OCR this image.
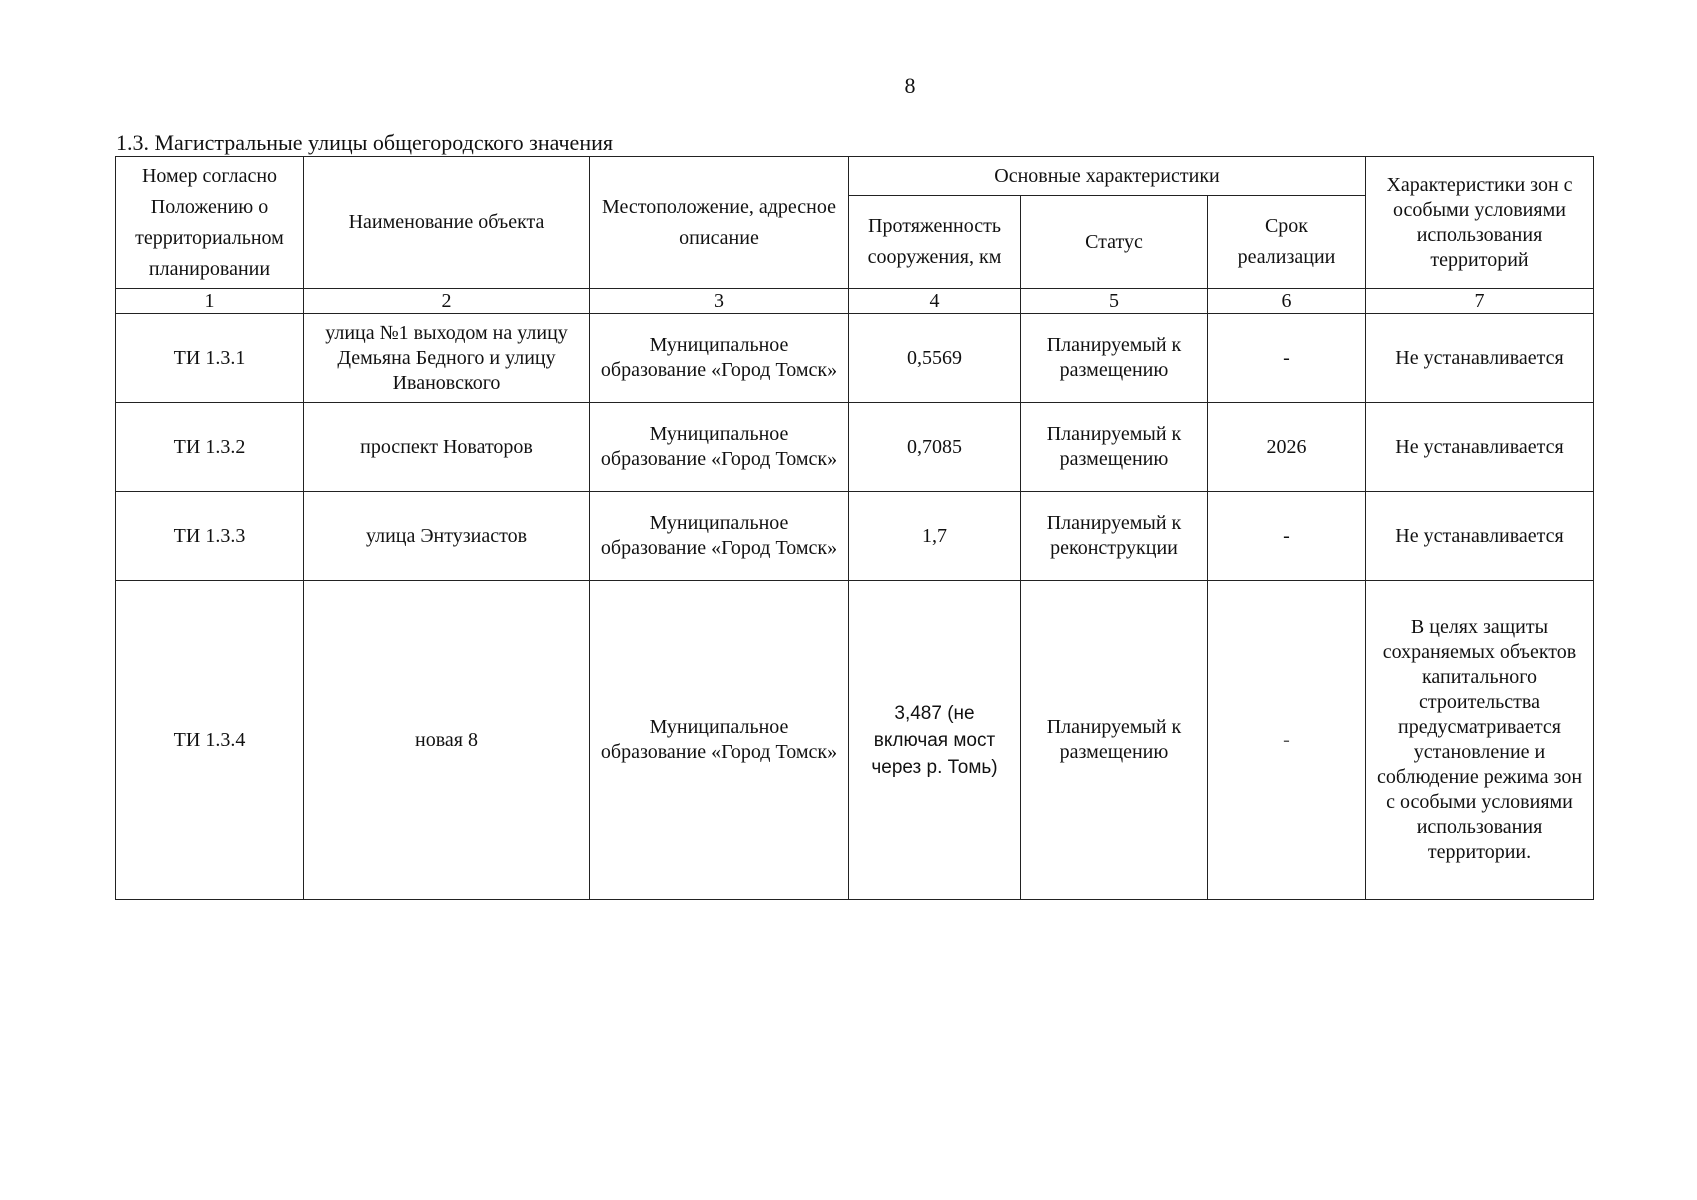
8
1.3. Магистральные улицы общегородского значения
Номер согласно Положению о территориальном планировании	Наименование объекта	Местоположение, адресное описание	Основные характеристики			Характеристики зон с особыми условиями использования территорий
			Протяженность сооружения, км	Статус	Срок реализации	
1	2	3	4	5	6	7
ТИ 1.3.1	улица №1 выходом на улицу Демьяна Бедного и улицу Ивановского	Муниципальное образование «Город Томск»	0,5569	Планируемый к размещению	-	Не устанавливается
ТИ 1.3.2	проспект Новаторов	Муниципальное образование «Город Томск»	0,7085	Планируемый к размещению	2026	Не устанавливается
ТИ 1.3.3	улица Энтузиастов	Муниципальное образование «Город Томск»	1,7	Планируемый к реконструкции	-	Не устанавливается
ТИ 1.3.4	новая 8	Муниципальное образование «Город Томск»	3,487 (не включая мост через р. Томь)	Планируемый к размещению	-	В целях защиты сохраняемых объектов капитального строительства предусматривается установление и соблюдение режима зон с особыми условиями использования территории.
